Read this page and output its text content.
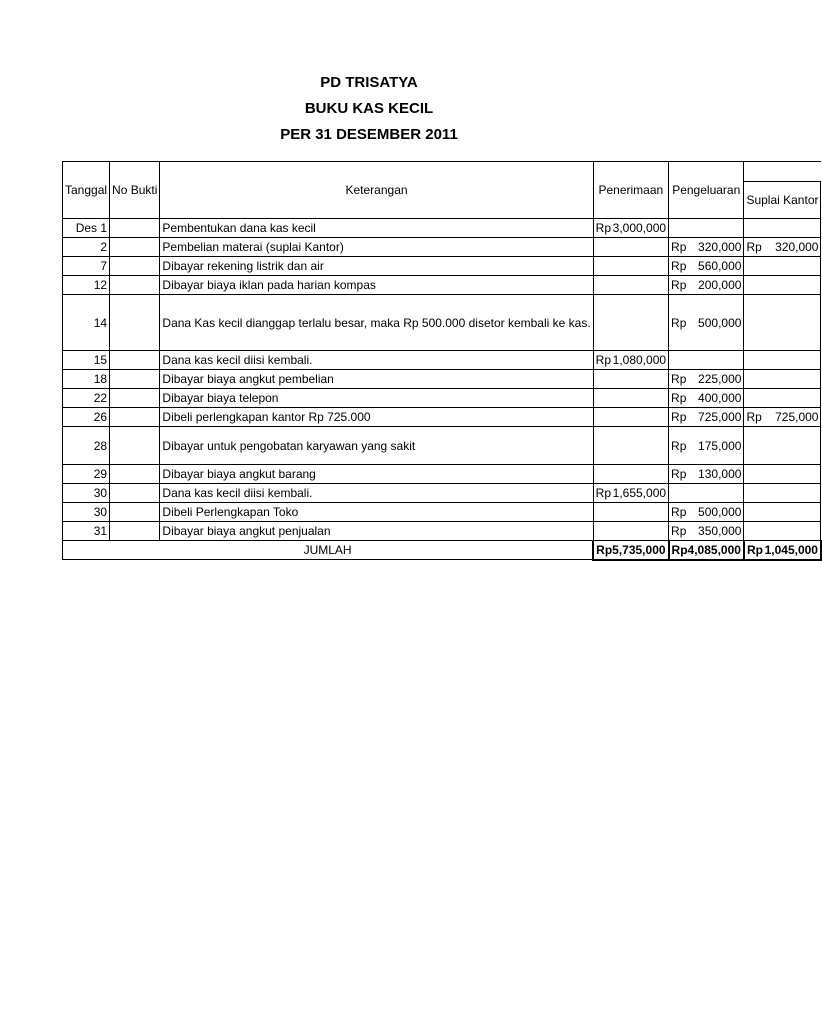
PD TRISATYA
BUKU KAS KECIL
PER 31 DESEMBER 2011
Tanggal	No Bukti	Keterangan	Penerimaan	Pengeluaran	
					Suplai Kantor
Des 1		Pembentukan dana kas kecil	Rp 3,000,000		

2		Pembelian materai (suplai Kantor)		Rp 320,000	Rp 320,000

7		Dibayar rekening listrik dan air		Rp 560,000	

12		Dibayar biaya iklan pada harian kompas		Rp 200,000	

14		Dana Kas kecil dianggap terlalu besar, maka Rp 500.000 disetor kembali ke kas.		Rp 500,000	

15		Dana kas kecil diisi kembali.	Rp 1,080,000		

18		Dibayar biaya angkut pembelian		Rp 225,000	

22		Dibayar biaya telepon		Rp 400,000	

26		Dibeli perlengkapan kantor Rp 725.000		Rp 725,000	Rp 725,000

28		Dibayar untuk pengobatan karyawan yang sakit		Rp 175,000	

29		Dibayar biaya angkut barang		Rp 130,000	

30		Dana kas kecil diisi kembali.	Rp 1,655,000		

30		Dibeli Perlengkapan Toko		Rp 500,000	

31		Dibayar biaya angkut penjualan		Rp 350,000	

JUMLAH			Rp 5,735,000	Rp 4,085,000	Rp 1,045,000
